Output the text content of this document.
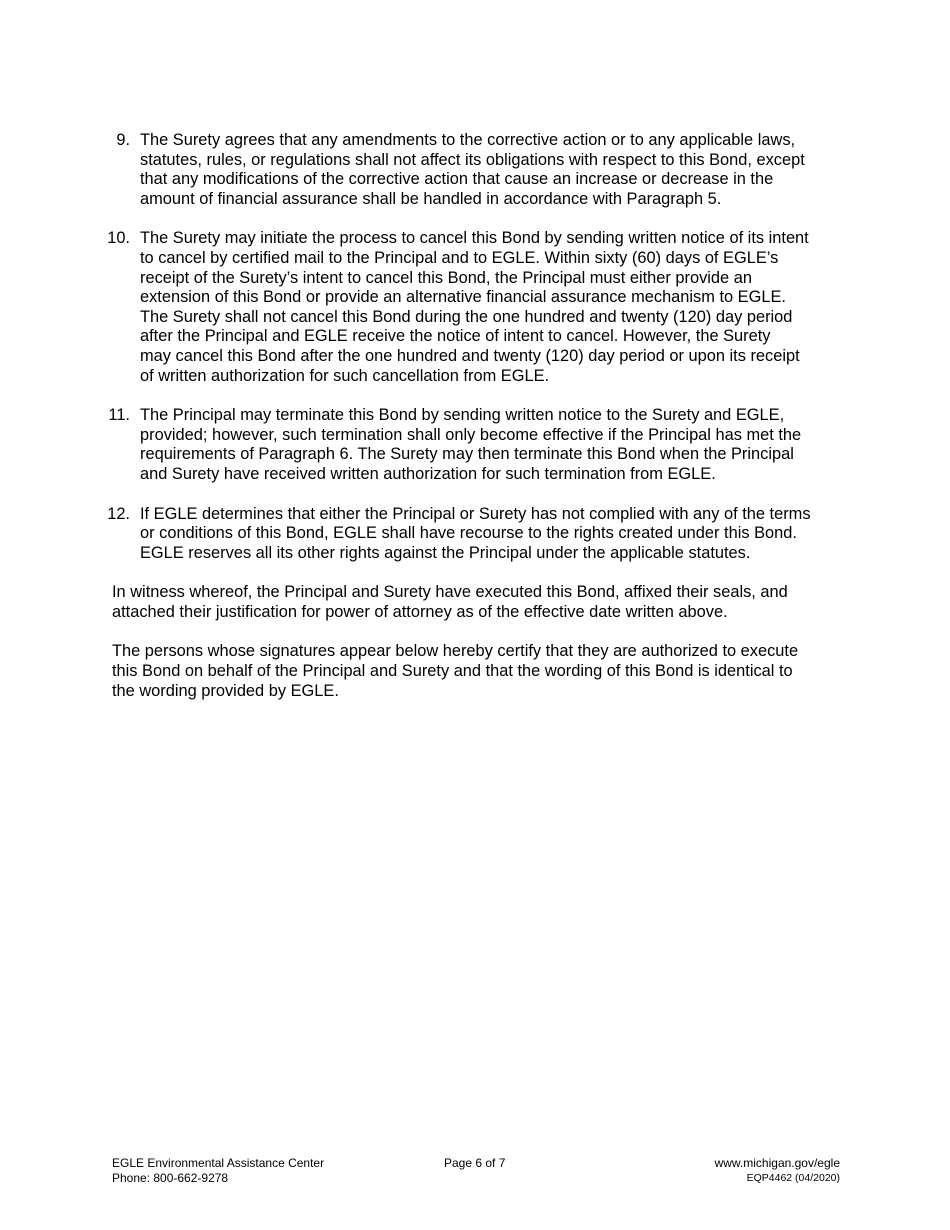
9. The Surety agrees that any amendments to the corrective action or to any applicable laws,
statutes, rules, or regulations shall not affect its obligations with respect to this Bond, except
that any modifications of the corrective action that cause an increase or decrease in the
amount of financial assurance shall be handled in accordance with Paragraph 5.
10. The Surety may initiate the process to cancel this Bond by sending written notice of its intent
to cancel by certified mail to the Principal and to EGLE. Within sixty (60) days of EGLE’s
receipt of the Surety’s intent to cancel this Bond, the Principal must either provide an
extension of this Bond or provide an alternative financial assurance mechanism to EGLE.
The Surety shall not cancel this Bond during the one hundred and twenty (120) day period
after the Principal and EGLE receive the notice of intent to cancel. However, the Surety
may cancel this Bond after the one hundred and twenty (120) day period or upon its receipt
of written authorization for such cancellation from EGLE.
11. The Principal may terminate this Bond by sending written notice to the Surety and EGLE,
provided; however, such termination shall only become effective if the Principal has met the
requirements of Paragraph 6. The Surety may then terminate this Bond when the Principal
and Surety have received written authorization for such termination from EGLE.
12. If EGLE determines that either the Principal or Surety has not complied with any of the terms
or conditions of this Bond, EGLE shall have recourse to the rights created under this Bond.
EGLE reserves all its other rights against the Principal under the applicable statutes.
In witness whereof, the Principal and Surety have executed this Bond, affixed their seals, and
attached their justification for power of attorney as of the effective date written above.
The persons whose signatures appear below hereby certify that they are authorized to execute
this Bond on behalf of the Principal and Surety and that the wording of this Bond is identical to
the wording provided by EGLE.
EGLE Environmental Assistance Center
Phone: 800-662-9278
Page 6 of 7	www.michigan.gov/egle
EQP4462 (04/2020)
